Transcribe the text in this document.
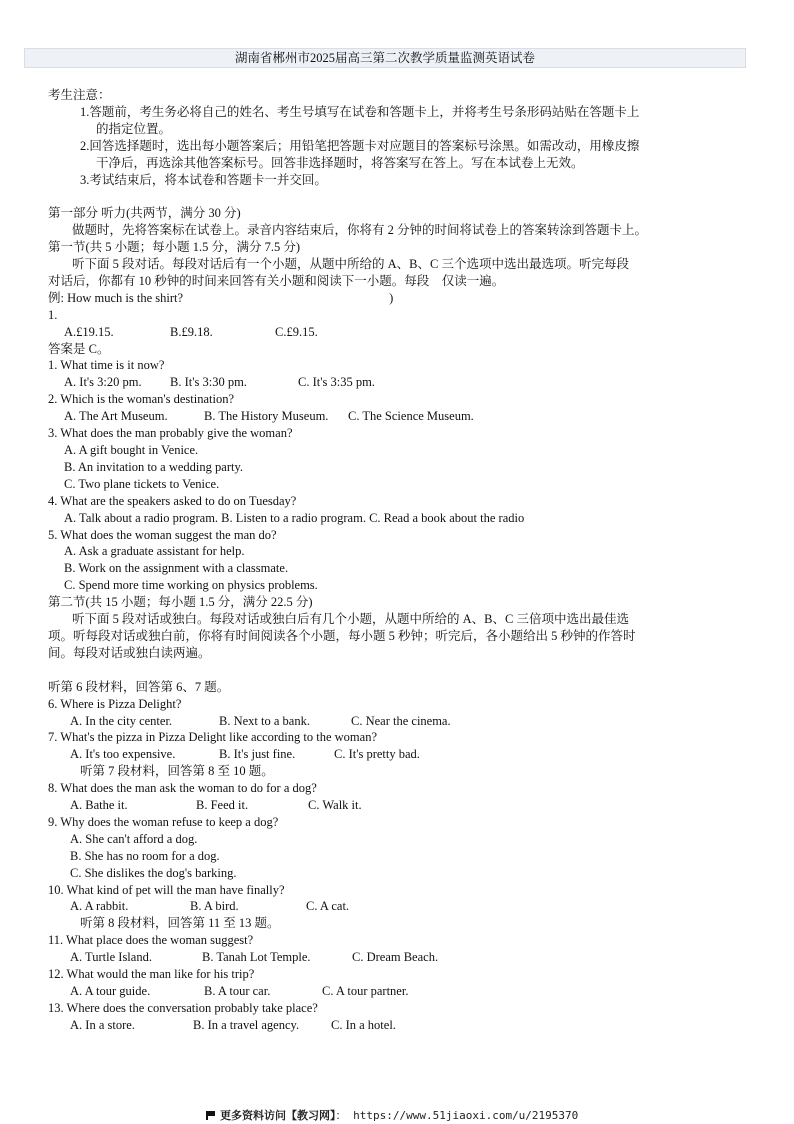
湖南省郴州市2025届高三第二次教学质量监测英语试卷
考生注意：
1.答题前，考生务必将自己的姓名、考生号填写在试卷和答题卡上，并将考生号条形码站贴在答题卡上
的指定位置。
2.回答选择题时，选出每小题答案后；用铅笔把答题卡对应题目的答案标号涂黑。如需改动，用橡皮擦
干净后，再选涂其他答案标号。回答非选择题时，将答案写在答上。写在本试卷上无效。
3.考试结束后，将本试卷和答题卡一并交回。
第一部分 听力(共两节，满分 30 分)
做题时，先将答案标在试卷上。录音内容结束后，你将有 2 分钟的时间将试卷上的答案转涂到答题卡上。
第一节(共 5 小题；每小题 1.5 分，满分 7.5 分)
听下面 5 段对话。每段对话后有一个小题，从题中所给的 A、B、C 三个选项中选出最选项。听完每段
对话后，你都有 10 秒钟的时间来回答有关小题和阅读下一小题。每段　仅读一遍。
例: How much is the shirt?	)
1.
A.£19.15.	B.£9.18.	C.£9.15.
答案是 C。
1. What time is it now?
A. It's 3:20 pm. B. It's 3:30 pm.	C. It's 3:35 pm.
2. Which is the woman's destination?
A. The Art Museum.	B. The History Museum. C. The Science Museum.
3. What does the man probably give the woman?
A. A gift bought in Venice.
B. An invitation to a wedding party.
C. Two plane tickets to Venice.
4. What are the speakers asked to do on Tuesday?
A. Talk about a radio program. B. Listen to a radio program. C. Read a book about the radio
5. What does the woman suggest the man do?
A. Ask a graduate assistant for help.
B. Work on the assignment with a classmate.
C. Spend more time working on physics problems.
第二节(共 15 小题；每小题 1.5 分，满分 22.5 分)
听下面 5 段对话或独白。每段对话或独白后有几个小题，从题中所给的 A、B、C 三倍项中选出最佳选
项。听每段对话或独白前，你将有时间阅读各个小题，每小题 5 秒钟；听完后，各小题给出 5 秒钟的作答时
间。每段对话或独白读两遍。
听第 6 段材料，回答第 6、7 题。
6. Where is Pizza Delight?
A. In the city center.	B. Next to a bank.	C. Near the cinema.
7. What's the pizza in Pizza Delight like according to the woman?
A. It's too expensive.	B. It's just fine.	C. It's pretty bad.
听第 7 段材料，回答第 8 至 10 题。
8. What does the man ask the woman to do for a dog?
A. Bathe it.	B. Feed it.	C. Walk it.
9. Why does the woman refuse to keep a dog?
A. She can't afford a dog.
B. She has no room for a dog.
C. She dislikes the dog's barking.
10. What kind of pet will the man have finally?
A. A rabbit.	B. A bird.	C. A cat.
听第 8 段材料，回答第 11 至 13 题。
11. What place does the woman suggest?
A. Turtle Island.	B. Tanah Lot Temple.	C. Dream Beach.
12. What would the man like for his trip?
A. A tour guide.	B. A tour car.	C. A tour partner.
13. Where does the conversation probably take place?
A. In a store.	B. In a travel agency.	C. In a hotel.
更多资料访问【教习网】： https://www.51jiaoxi.com/u/2195370
